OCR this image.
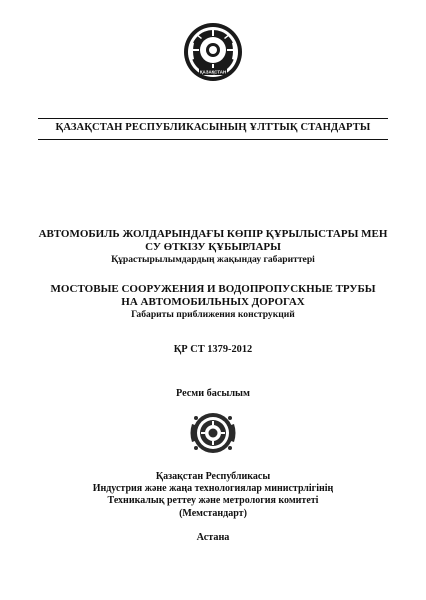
ҚАЗАҚСТАН
ҚАЗАҚСТАН РЕСПУБЛИКАСЫНЫҢ ҰЛТТЫҚ СТАНДАРТЫ
АВТОМОБИЛЬ ЖОЛДАРЫНДАҒЫ КӨПІР ҚҰРЫЛЫСТАРЫ МЕН
СУ ӨТКІЗУ ҚҰБЫРЛАРЫ
Құрастырылымдардың жақындау габариттері
МОСТОВЫЕ СООРУЖЕНИЯ И ВОДОПРОПУСКНЫЕ ТРУБЫ
НА АВТОМОБИЛЬНЫХ ДОРОГАХ
Габариты приближения конструкций
ҚР СТ 1379-2012
Ресми басылым
Қазақстан Республикасы
Индустрия және жаңа технологиялар министрлігінің
Техникалық реттеу және метрология комитеті
(Мемстандарт)
Астана
